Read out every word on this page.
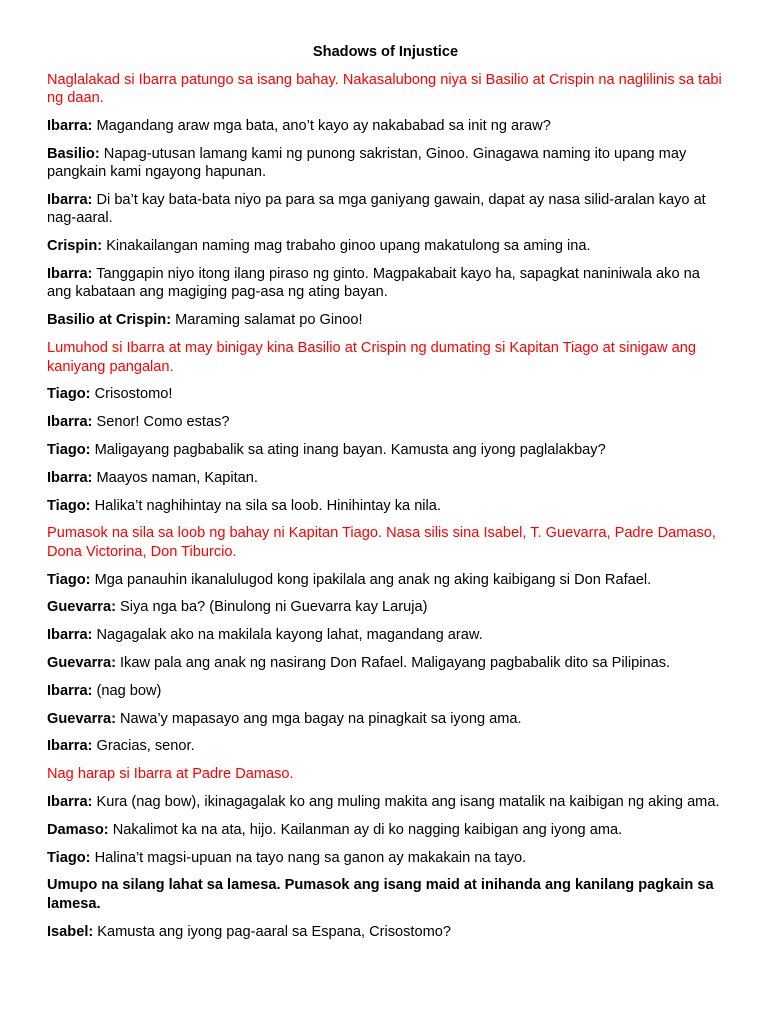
Shadows of Injustice

Naglalakad si Ibarra patungo sa isang bahay. Nakasalubong niya si Basilio at Crispin na naglilinis sa tabi ng daan.

Ibarra: Magandang araw mga bata, ano’t kayo ay nakababad sa init ng araw?

Basilio: Napag-utusan lamang kami ng punong sakristan, Ginoo. Ginagawa naming ito upang may pangkain kami ngayong hapunan.

Ibarra: Di ba’t kay bata-bata niyo pa para sa mga ganiyang gawain, dapat ay nasa silid-aralan kayo at nag-aaral.

Crispin: Kinakailangan naming mag trabaho ginoo upang makatulong sa aming ina.

Ibarra: Tanggapin niyo itong ilang piraso ng ginto. Magpakabait kayo ha, sapagkat naniniwala ako na ang kabataan ang magiging pag-asa ng ating bayan.

Basilio at Crispin: Maraming salamat po Ginoo!

Lumuhod si Ibarra at may binigay kina Basilio at Crispin ng dumating si Kapitan Tiago at sinigaw ang kaniyang pangalan.

Tiago: Crisostomo!

Ibarra: Senor! Como estas?

Tiago: Maligayang pagbabalik sa ating inang bayan. Kamusta ang iyong paglalakbay?

Ibarra: Maayos naman, Kapitan.

Tiago: Halika’t naghihintay na sila sa loob. Hinihintay ka nila.

Pumasok na sila sa loob ng bahay ni Kapitan Tiago. Nasa silis sina Isabel, T. Guevarra, Padre Damaso, Dona Victorina, Don Tiburcio.

Tiago: Mga panauhin ikanalulugod kong ipakilala ang anak ng aking kaibigang si Don Rafael.

Guevarra: Siya nga ba? (Binulong ni Guevarra kay Laruja)

Ibarra: Nagagalak ako na makilala kayong lahat, magandang araw.

Guevarra: Ikaw pala ang anak ng nasirang Don Rafael. Maligayang pagbabalik dito sa Pilipinas.

Ibarra: (nag bow)

Guevarra: Nawa’y mapasayo ang mga bagay na pinagkait sa iyong ama.

Ibarra: Gracias, senor.

Nag harap si Ibarra at Padre Damaso.

Ibarra: Kura (nag bow), ikinagagalak ko ang muling makita ang isang matalik na kaibigan ng aking ama.

Damaso: Nakalimot ka na ata, hijo. Kailanman ay di ko nagging kaibigan ang iyong ama.

Tiago: Halina’t magsi-upuan na tayo nang sa ganon ay makakain na tayo.

Umupo na silang lahat sa lamesa. Pumasok ang isang maid at inihanda ang kanilang pagkain sa lamesa.

Isabel: Kamusta ang iyong pag-aaral sa Espana, Crisostomo?
